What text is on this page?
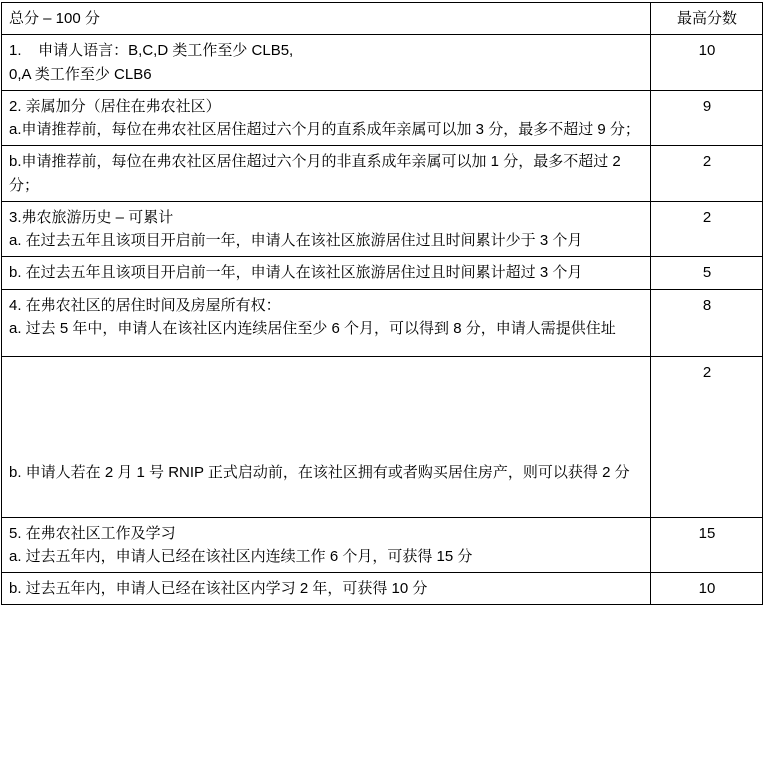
总分 – 100 分	最高分数

1.    申请人语言：B,C,D 类工作至少 CLB5,
0,A 类工作至少 CLB6	10

2. 亲属加分（居住在弗农社区）
a.申请推荐前，每位在弗农社区居住超过六个月的直系成年亲属可以加 3 分，最多不超过 9 分；	9

b.申请推荐前，每位在弗农社区居住超过六个月的非直系成年亲属可以加 1 分，最多不超过 2 分；	2

3.弗农旅游历史 – 可累计
a. 在过去五年且该项目开启前一年，申请人在该社区旅游居住过且时间累计少于 3 个月	2

b. 在过去五年且该项目开启前一年，申请人在该社区旅游居住过且时间累计超过 3 个月	5

4. 在弗农社区的居住时间及房屋所有权：
a. 过去 5 年中，申请人在该社区内连续居住至少 6 个月，可以得到 8 分，申请人需提供住址	8

b. 申请人若在 2 月 1 号 RNIP 正式启动前，在该社区拥有或者购买居住房产，则可以获得 2 分	2

5. 在弗农社区工作及学习
a. 过去五年内，申请人已经在该社区内连续工作 6 个月，可获得 15 分	15

b. 过去五年内，申请人已经在该社区内学习 2 年，可获得 10 分	10
